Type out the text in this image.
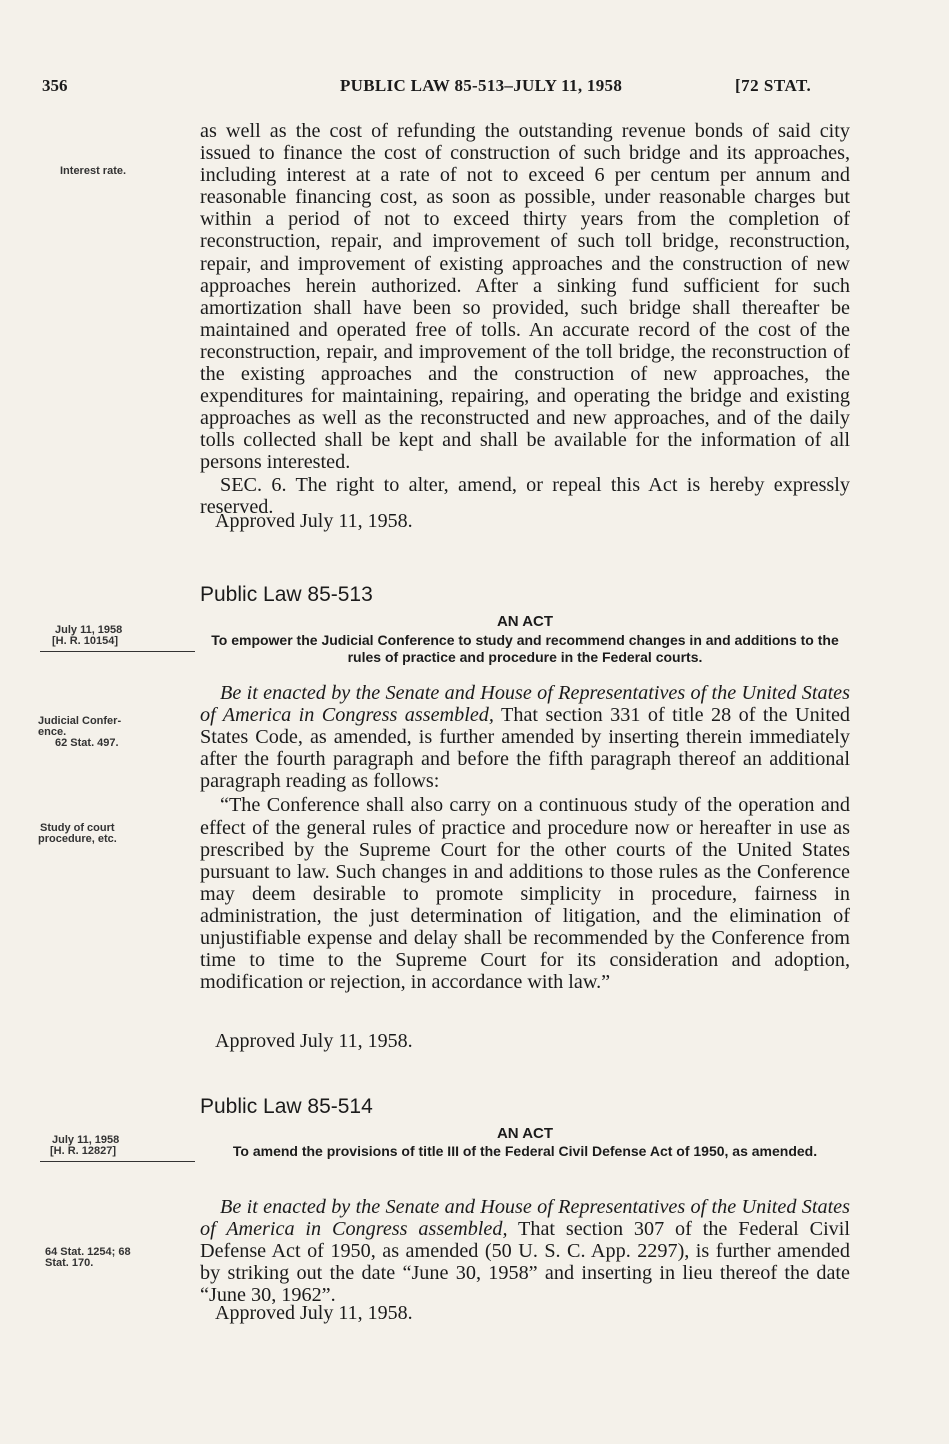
356	PUBLIC LAW 85-513–JULY 11, 1958	[72 STAT.

as well as the cost of refunding the outstanding revenue bonds of said city issued to finance the cost of construction of such bridge and its approaches, including interest at a rate of not to exceed 6 per centum per annum and reasonable financing cost, as soon as possible, under reasonable charges but within a period of not to exceed thirty years from the completion of reconstruction, repair, and improvement of such toll bridge, reconstruction, repair, and improvement of existing approaches and the construction of new approaches herein authorized. After a sinking fund sufficient for such amortization shall have been so provided, such bridge shall thereafter be maintained and operated free of tolls. An accurate record of the cost of the reconstruction, repair, and improvement of the toll bridge, the reconstruction of the existing approaches and the construction of new approaches, the expenditures for maintaining, repairing, and operating the bridge and existing approaches as well as the reconstructed and new approaches, and of the daily tolls collected shall be kept and shall be available for the information of all persons interested.

SEC. 6. The right to alter, amend, or repeal this Act is hereby expressly reserved.

Approved July 11, 1958.
Interest rate.
Public Law 85-513
AN ACT
To empower the Judicial Conference to study and recommend changes in and additions to the rules of practice and procedure in the Federal courts.
July 11, 1958
[H. R. 10154]

Be it enacted by the Senate and House of Representatives of the United States of America in Congress assembled, That section 331 of title 28 of the United States Code, as amended, is further amended by inserting therein immediately after the fourth paragraph and before the fifth paragraph thereof an additional paragraph reading as follows:

“The Conference shall also carry on a continuous study of the operation and effect of the general rules of practice and procedure now or hereafter in use as prescribed by the Supreme Court for the other courts of the United States pursuant to law. Such changes in and additions to those rules as the Conference may deem desirable to promote simplicity in procedure, fairness in administration, the just determination of litigation, and the elimination of unjustifiable expense and delay shall be recommended by the Conference from time to time to the Supreme Court for its consideration and adoption, modification or rejection, in accordance with law.”

Approved July 11, 1958.
Judicial Confer-
ence.
62 Stat. 497.
Study of court
procedure, etc.
Public Law 85-514
AN ACT
To amend the provisions of title III of the Federal Civil Defense Act of 1950, as amended.
July 11, 1958
[H. R. 12827]

Be it enacted by the Senate and House of Representatives of the United States of America in Congress assembled, That section 307 of the Federal Civil Defense Act of 1950, as amended (50 U. S. C. App. 2297), is further amended by striking out the date “June 30, 1958” and inserting in lieu thereof the date “June 30, 1962”.

Approved July 11, 1958.
64 Stat. 1254; 68
Stat. 170.
